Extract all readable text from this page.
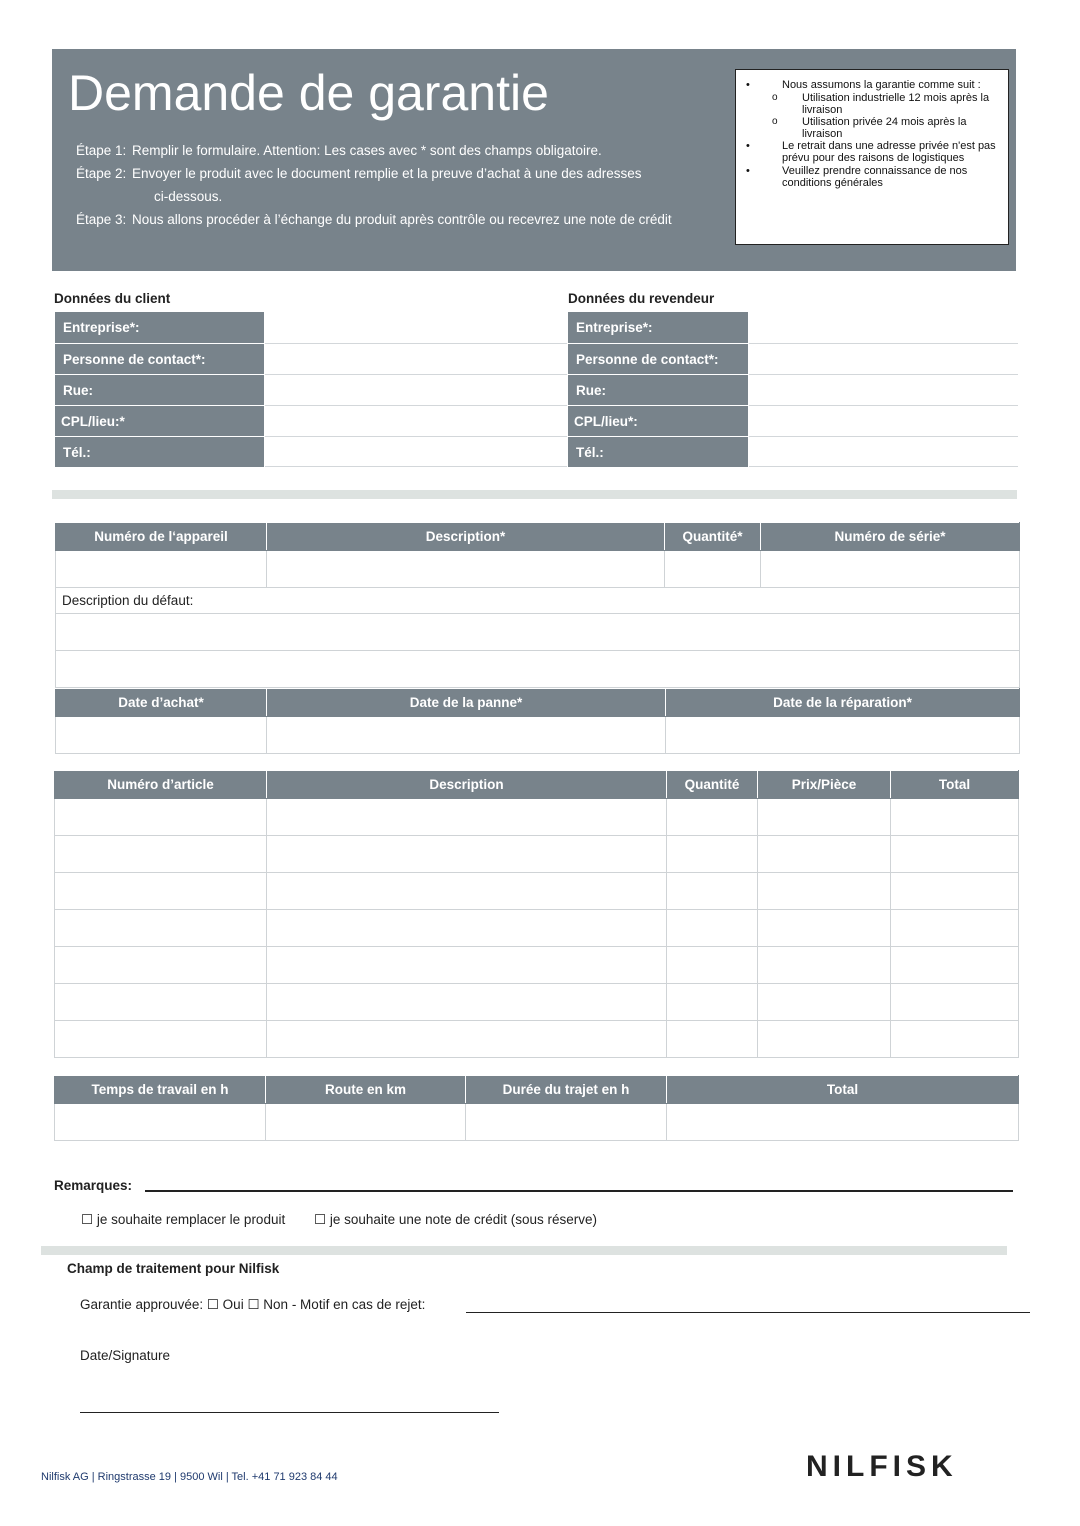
Demande de garantie
Étape 1: Remplir le formulaire. Attention: Les cases avec * sont des champs obligatoire.
Étape 2: Envoyer le produit avec le document remplie et la preuve d’achat à une des adresses
ci-dessous.
Étape 3: Nous allons procéder à l’échange du produit après contrôle ou recevrez une note de crédit
•	Nous assumons la garantie comme suit :
o	Utilisation industrielle 12 mois après la livraison
o	Utilisation privée 24 mois après la livraison
•	Le retrait dans une adresse privée n'est pas prévu pour des raisons de logistiques
•	Veuillez prendre connaissance de nos conditions générales
Données du client
Entreprise*:
Personne de contact*:
Rue:
CPL/lieu:*
Tél.:
Données du revendeur
Entreprise*:
Personne de contact*:
Rue:
CPL/lieu*:
Tél.:
Numéro de l‘appareil	Description*	Quantité*	Numéro de série*

Description du défaut:			

Date d’achat*	Date de la panne*	Date de la réparation*

Numéro d’article	Description	Quantité	Prix/Pièce	Total

Temps de travail en h	Route en km	Durée du trajet en h	Total

Remarques:
☐ je souhaite remplacer le produit ☐ je souhaite une note de crédit (sous réserve)
Champ de traitement pour Nilfisk
Garantie approuvée: ☐ Oui ☐ Non - Motif en cas de rejet:
Date/Signature
Nilfisk AG | Ringstrasse 19 | 9500 Wil | Tel. +41 71 923 84 44	NILFISK
